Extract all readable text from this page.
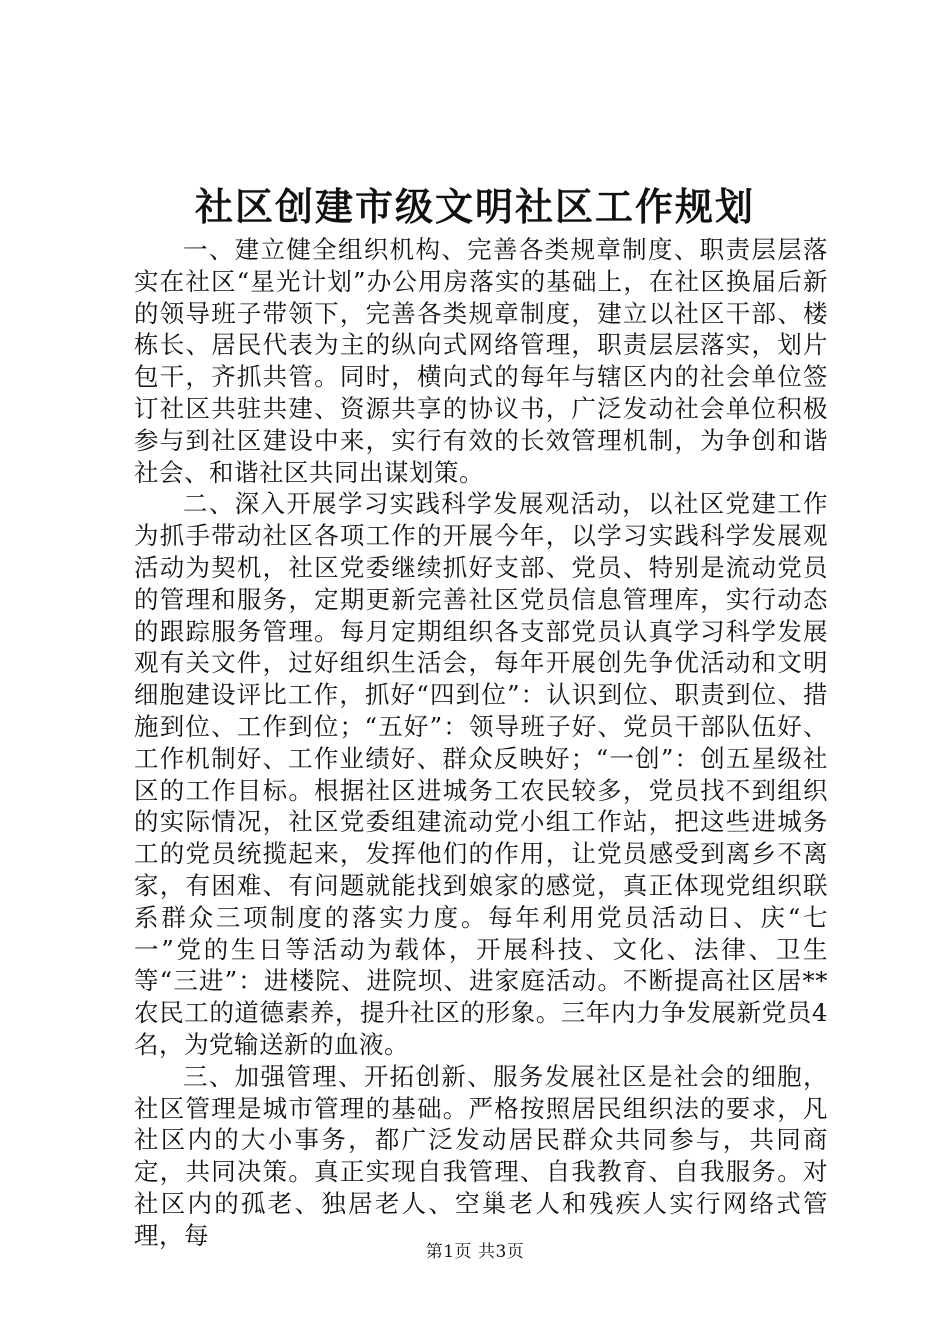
社区创建市级文明社区工作规划

一、建立健全组织机构、完善各类规章制度、职责层层落实在社区“星光计划”办公用房落实的基础上，在社区换届后新的领导班子带领下，完善各类规章制度，建立以社区干部、楼栋长、居民代表为主的纵向式网络管理，职责层层落实，划片包干，齐抓共管。同时，横向式的每年与辖区内的社会单位签订社区共驻共建、资源共享的协议书，广泛发动社会单位积极参与到社区建设中来，实行有效的长效管理机制，为争创和谐社会、和谐社区共同出谋划策。

二、深入开展学习实践科学发展观活动，以社区党建工作为抓手带动社区各项工作的开展今年，以学习实践科学发展观活动为契机，社区党委继续抓好支部、党员、特别是流动党员的管理和服务，定期更新完善社区党员信息管理库，实行动态的跟踪服务管理。每月定期组织各支部党员认真学习科学发展观有关文件，过好组织生活会，每年开展创先争优活动和文明细胞建设评比工作，抓好“四到位”：认识到位、职责到位、措施到位、工作到位；“五好”：领导班子好、党员干部队伍好、工作机制好、工作业绩好、群众反映好；“一创”：创五星级社区的工作目标。根据社区进城务工农民较多，党员找不到组织的实际情况，社区党委组建流动党小组工作站，把这些进城务工的党员统揽起来，发挥他们的作用，让党员感受到离乡不离家，有困难、有问题就能找到娘家的感觉，真正体现党组织联系群众三项制度的落实力度。每年利用党员活动日、庆“七一”党的生日等活动为载体，开展科技、文化、法律、卫生等“三进”：进楼院、进院坝、进家庭活动。不断提高社区居**农民工的道德素养，提升社区的形象。三年内力争发展新党员4名，为党输送新的血液。

三、加强管理、开拓创新、服务发展社区是社会的细胞，社区管理是城市管理的基础。严格按照居民组织法的要求，凡社区内的大小事务，都广泛发动居民群众共同参与，共同商定，共同决策。真正实现自我管理、自我教育、自我服务。对社区内的孤老、独居老人、空巢老人和残疾人实行网络式管理，每

第1页 共3页
